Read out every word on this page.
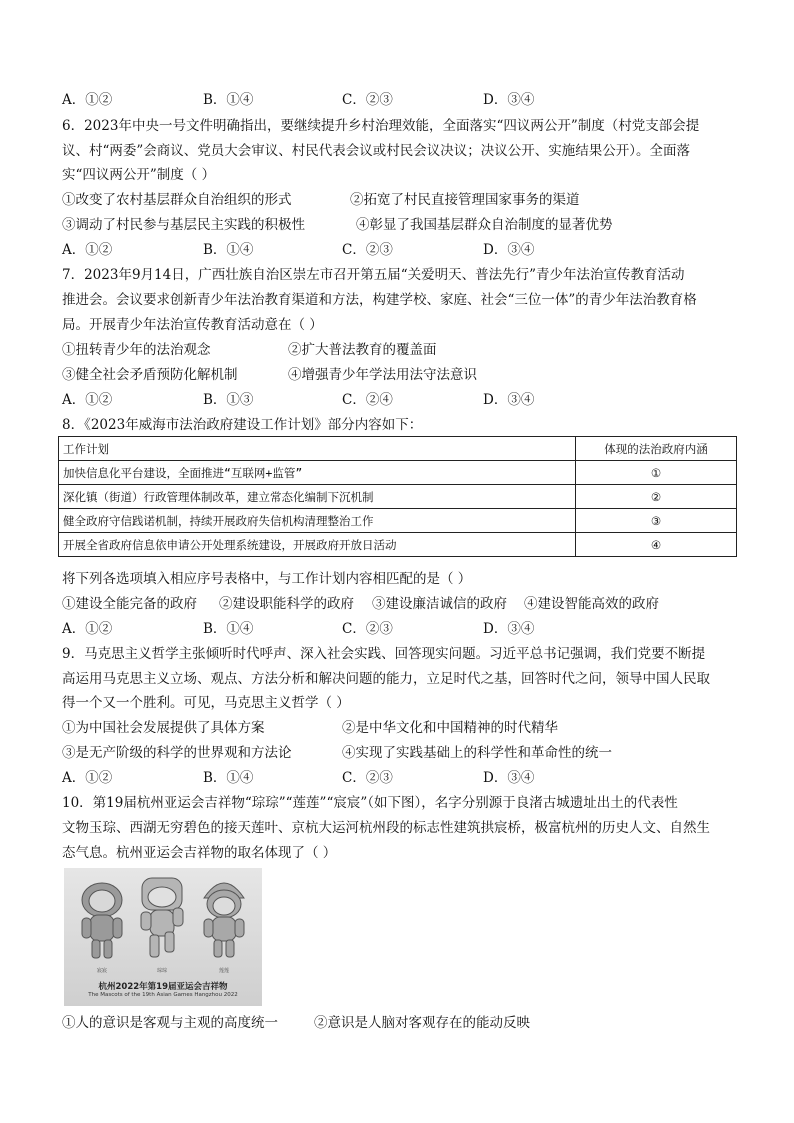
A．①②	B．①④	C．②③	D．③④
6．2023年中央一号文件明确指出，要继续提升乡村治理效能，全面落实“四议两公开”制度（村党支部会提
议、村“两委”会商议、党员大会审议、村民代表会议或村民会议决议；决议公开、实施结果公开）。全面落
实“四议两公开”制度（ ）
①改变了农村基层群众自治组织的形式	②拓宽了村民直接管理国家事务的渠道
③调动了村民参与基层民主实践的积极性	④彰显了我国基层群众自治制度的显著优势
A．①②	B．①④	C．②③	D．③④
7．2023年9月14日，广西壮族自治区崇左市召开第五届“关爱明天、普法先行”青少年法治宣传教育活动
推进会。会议要求创新青少年法治教育渠道和方法，构建学校、家庭、社会“三位一体”的青少年法治教育格
局。开展青少年法治宣传教育活动意在（ ）
①扭转青少年的法治观念	②扩大普法教育的覆盖面
③健全社会矛盾预防化解机制	④增强青少年学法用法守法意识
A．①②	B．①③	C．②④	D．③④
8．《2023年威海市法治政府建设工作计划》部分内容如下：
工作计划	体现的法治政府内涵
加快信息化平台建设，全面推进“互联网+监管”	①
深化镇（街道）行政管理体制改革，建立常态化编制下沉机制	②
健全政府守信践诺机制，持续开展政府失信机构清理整治工作	③
开展全省政府信息依申请公开处理系统建设，开展政府开放日活动	④
将下列各选项填入相应序号表格中，与工作计划内容相匹配的是（ ）
①建设全能完备的政府 ②建设职能科学的政府 ③建设廉洁诚信的政府 ④建设智能高效的政府
A．①②	B．①④	C．②③	D．③④
9．马克思主义哲学主张倾听时代呼声、深入社会实践、回答现实问题。习近平总书记强调，我们党要不断提
高运用马克思主义立场、观点、方法分析和解决问题的能力，立足时代之基，回答时代之问，领导中国人民取
得一个又一个胜利。可见，马克思主义哲学（ ）
①为中国社会发展提供了具体方案	②是中华文化和中国精神的时代精华
③是无产阶级的科学的世界观和方法论	④实现了实践基础上的科学性和革命性的统一
A．①②	B．①④	C．②③	D．③④
10．第19届杭州亚运会吉祥物“琮琮”“莲莲”“宸宸”（如下图），名字分别源于良渚古城遗址出土的代表性
文物玉琮、西湖无穷碧色的接天莲叶、京杭大运河杭州段的标志性建筑拱宸桥，极富杭州的历史人文、自然生
态气息。杭州亚运会吉祥物的取名体现了（ ）
宸宸	琮琮	莲莲
杭州2022年第19届亚运会吉祥物
The Mascots of the 19th Asian Games Hangzhou 2022
①人的意识是客观与主观的高度统一	②意识是人脑对客观存在的能动反映
